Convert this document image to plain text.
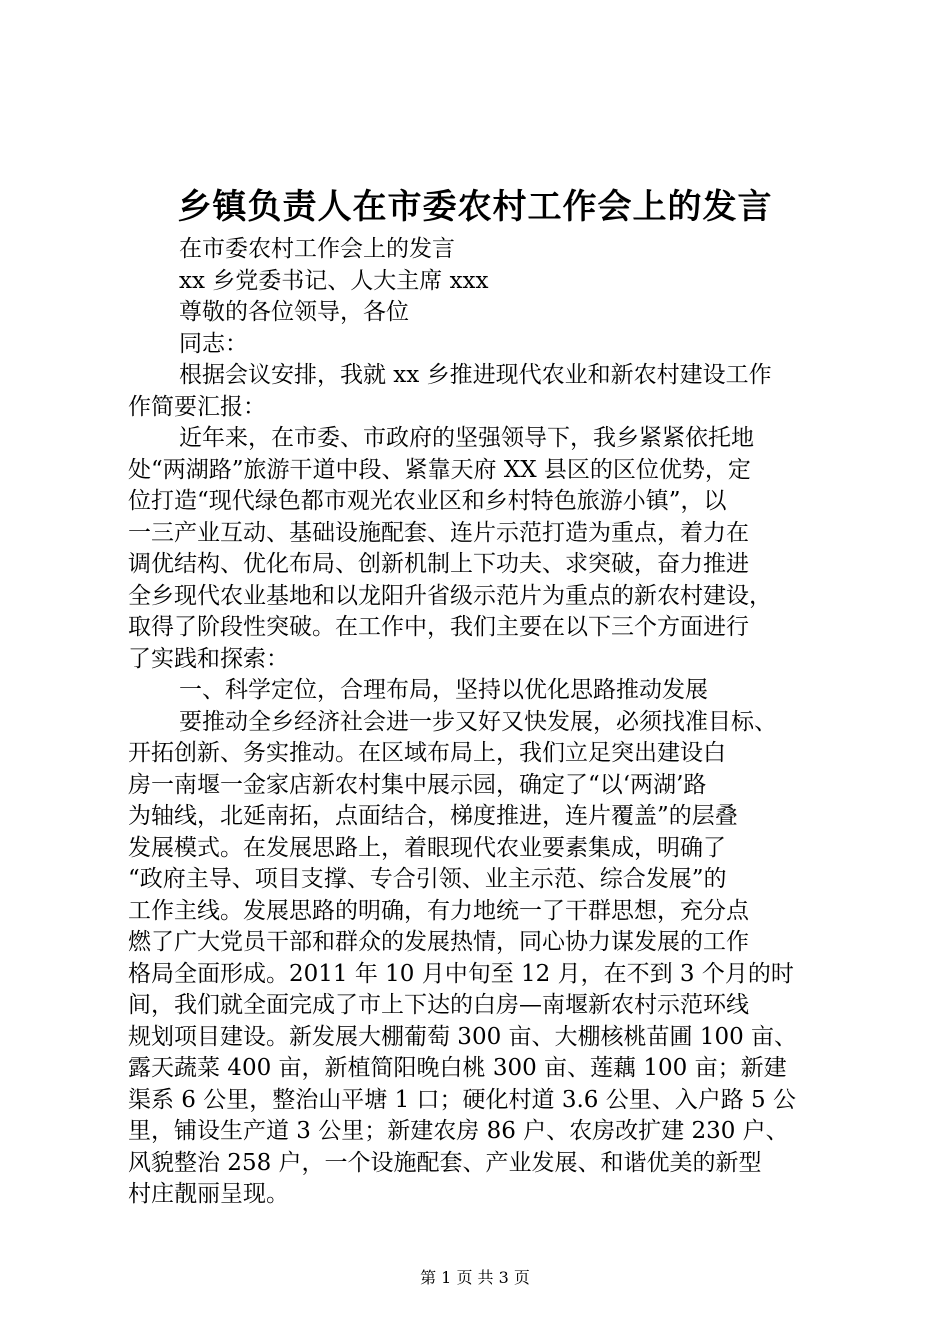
乡镇负责人在市委农村工作会上的发言
在市委农村工作会上的发言
xx 乡党委书记、人大主席 xxx
尊敬的各位领导，各位
同志：
根据会议安排，我就 xx 乡推进现代农业和新农村建设工作
作简要汇报：
近年来，在市委、市政府的坚强领导下，我乡紧紧依托地
处“两湖路”旅游干道中段、紧靠天府 XX 县区的区位优势，定
位打造“现代绿色都市观光农业区和乡村特色旅游小镇”，以
一三产业互动、基础设施配套、连片示范打造为重点，着力在
调优结构、优化布局、创新机制上下功夫、求突破，奋力推进
全乡现代农业基地和以龙阳升省级示范片为重点的新农村建设，
取得了阶段性突破。在工作中，我们主要在以下三个方面进行
了实践和探索：
一、科学定位，合理布局，坚持以优化思路推动发展
要推动全乡经济社会进一步又好又快发展，必须找准目标、
开拓创新、务实推动。在区域布局上，我们立足突出建设白
房一南堰一金家店新农村集中展示园，确定了“以‘两湖’路
为轴线，北延南拓，点面结合，梯度推进，连片覆盖”的层叠
发展模式。在发展思路上，着眼现代农业要素集成，明确了
“政府主导、项目支撑、专合引领、业主示范、综合发展”的
工作主线。发展思路的明确，有力地统一了干群思想，充分点
燃了广大党员干部和群众的发展热情，同心协力谋发展的工作
格局全面形成。2011 年 10 月中旬至 12 月，在不到 3 个月的时
间，我们就全面完成了市上下达的白房—南堰新农村示范环线
规划项目建设。新发展大棚葡萄 300 亩、大棚核桃苗圃 100 亩、
露天蔬菜 400 亩，新植简阳晚白桃 300 亩、莲藕 100 亩；新建
渠系 6 公里，整治山平塘 1 口；硬化村道 3.6 公里、入户路 5 公
里，铺设生产道 3 公里；新建农房 86 户、农房改扩建 230 户、
风貌整治 258 户，一个设施配套、产业发展、和谐优美的新型
村庄靓丽呈现。
第 1 页 共 3 页
